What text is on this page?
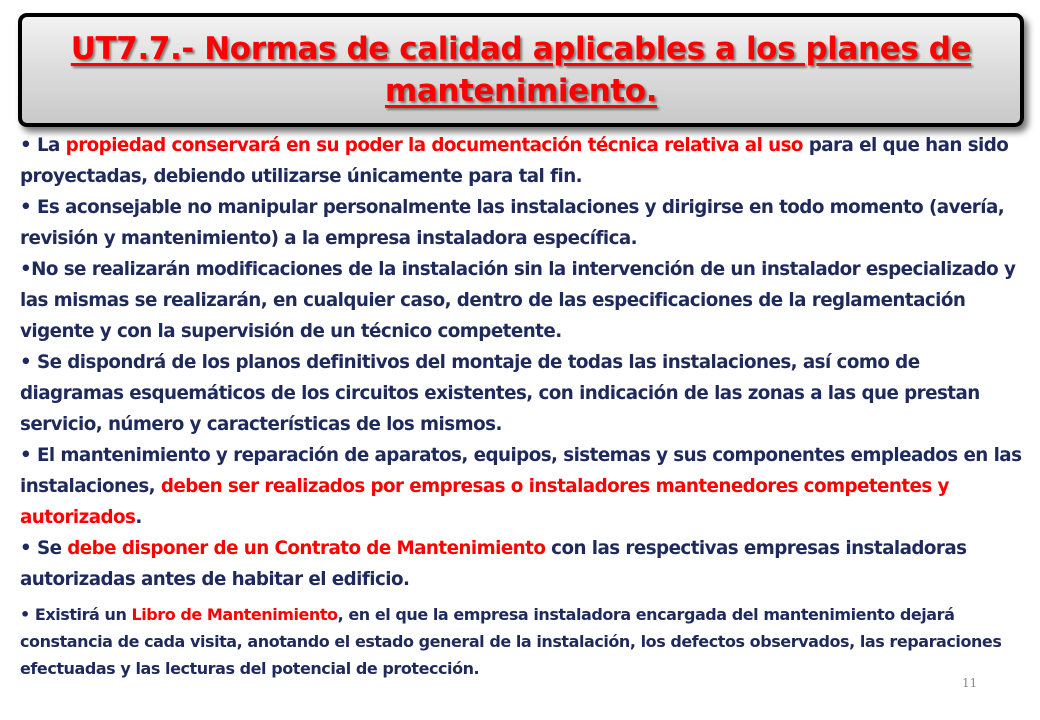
UT7.7.- Normas de calidad aplicables a los planes de mantenimiento.

• La propiedad conservará en su poder la documentación técnica relativa al uso para el que han sido proyectadas, debiendo utilizarse únicamente para tal fin.

• Es aconsejable no manipular personalmente las instalaciones y dirigirse en todo momento (avería, revisión y mantenimiento) a la empresa instaladora específica.

•No se realizarán modificaciones de la instalación sin la intervención de un instalador especializado y las mismas se realizarán, en cualquier caso, dentro de las especificaciones de la reglamentación vigente y con la supervisión de un técnico competente.

• Se dispondrá de los planos definitivos del montaje de todas las instalaciones, así como de diagramas esquemáticos de los circuitos existentes, con indicación de las zonas a las que prestan servicio, número y características de los mismos.

• El mantenimiento y reparación de aparatos, equipos, sistemas y sus componentes empleados en las instalaciones, deben ser realizados por empresas o instaladores mantenedores competentes y autorizados.

• Se debe disponer de un Contrato de Mantenimiento con las respectivas empresas instaladoras autorizadas antes de habitar el edificio.

• Existirá un Libro de Mantenimiento, en el que la empresa instaladora encargada del mantenimiento dejará constancia de cada visita, anotando el estado general de la instalación, los defectos observados, las reparaciones efectuadas y las lecturas del potencial de protección.

11
